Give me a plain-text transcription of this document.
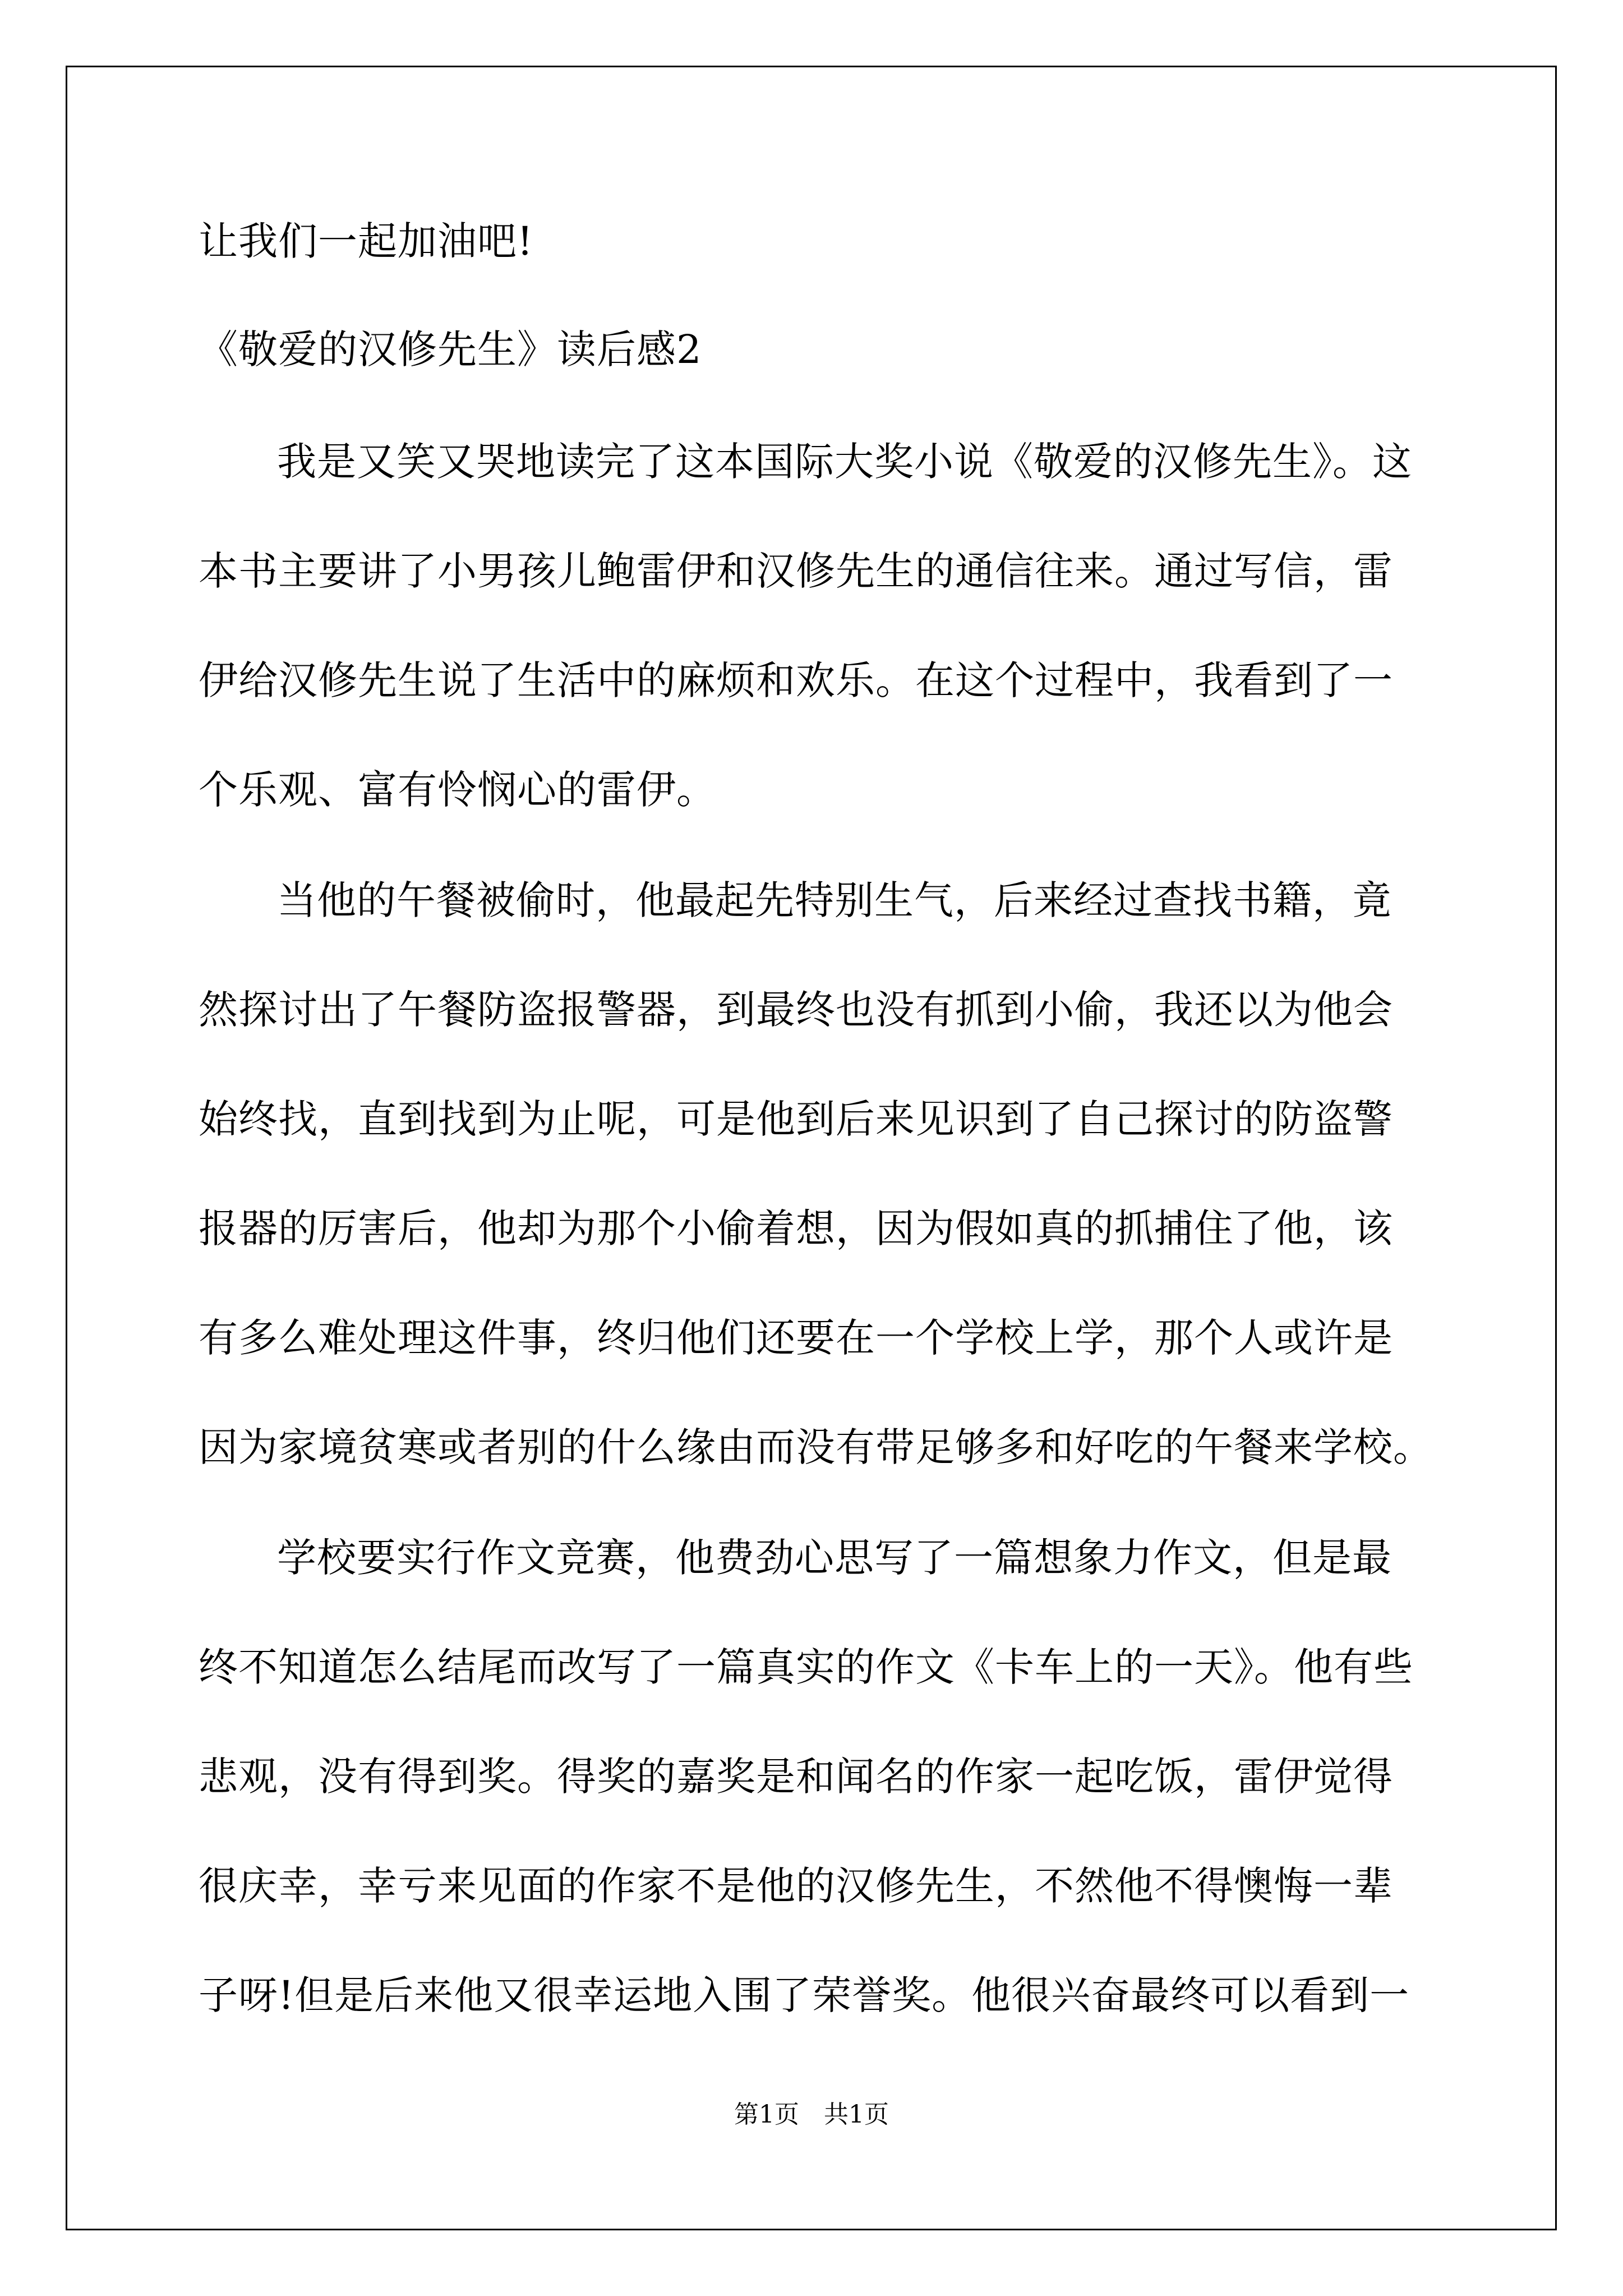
让我们一起加油吧!
《敬爱的汉修先生》读后感2
我是又笑又哭地读完了这本国际大奖小说《敬爱的汉修先生》。这
本书主要讲了小男孩儿鲍雷伊和汉修先生的通信往来。通过写信，雷
伊给汉修先生说了生活中的麻烦和欢乐。在这个过程中，我看到了一
个乐观、富有怜悯心的雷伊。
当他的午餐被偷时，他最起先特别生气，后来经过查找书籍，竟
然探讨出了午餐防盗报警器，到最终也没有抓到小偷，我还以为他会
始终找，直到找到为止呢，可是他到后来见识到了自己探讨的防盗警
报器的厉害后，他却为那个小偷着想，因为假如真的抓捕住了他，该
有多么难处理这件事，终归他们还要在一个学校上学，那个人或许是
因为家境贫寒或者别的什么缘由而没有带足够多和好吃的午餐来学校。
学校要实行作文竞赛，他费劲心思写了一篇想象力作文，但是最
终不知道怎么结尾而改写了一篇真实的作文《卡车上的一天》。他有些
悲观，没有得到奖。得奖的嘉奖是和闻名的作家一起吃饭，雷伊觉得
很庆幸，幸亏来见面的作家不是他的汉修先生，不然他不得懊悔一辈
子呀!但是后来他又很幸运地入围了荣誉奖。他很兴奋最终可以看到一
第1页　共1页
